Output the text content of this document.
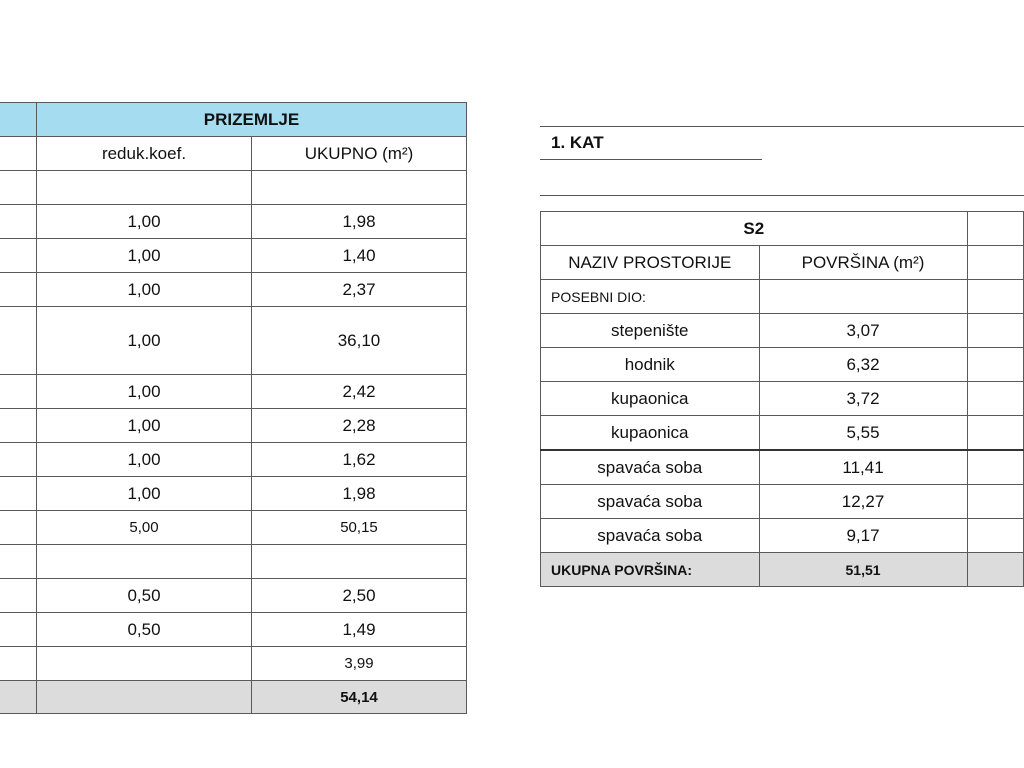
	PRIZEMLJE	
	reduk.koef.	UKUPNO (m²)

	1,00	1,98
	1,00	1,40
	1,00	2,37
	1,00	36,10
	1,00	2,42
	1,00	2,28
	1,00	1,62
	1,00	1,98
	5,00	50,15

	0,50	2,50
	0,50	1,49
		3,99
		54,14
1. KAT
S2		
NAZIV PROSTORIJE	POVRŠINA (m²)	
POSEBNI DIO:		
stepenište	3,07	
hodnik	6,32	
kupaonica	3,72	
kupaonica	5,55	
spavaća soba	11,41	
spavaća soba	12,27	
spavaća soba	9,17	
UKUPNA POVRŠINA:	51,51	
